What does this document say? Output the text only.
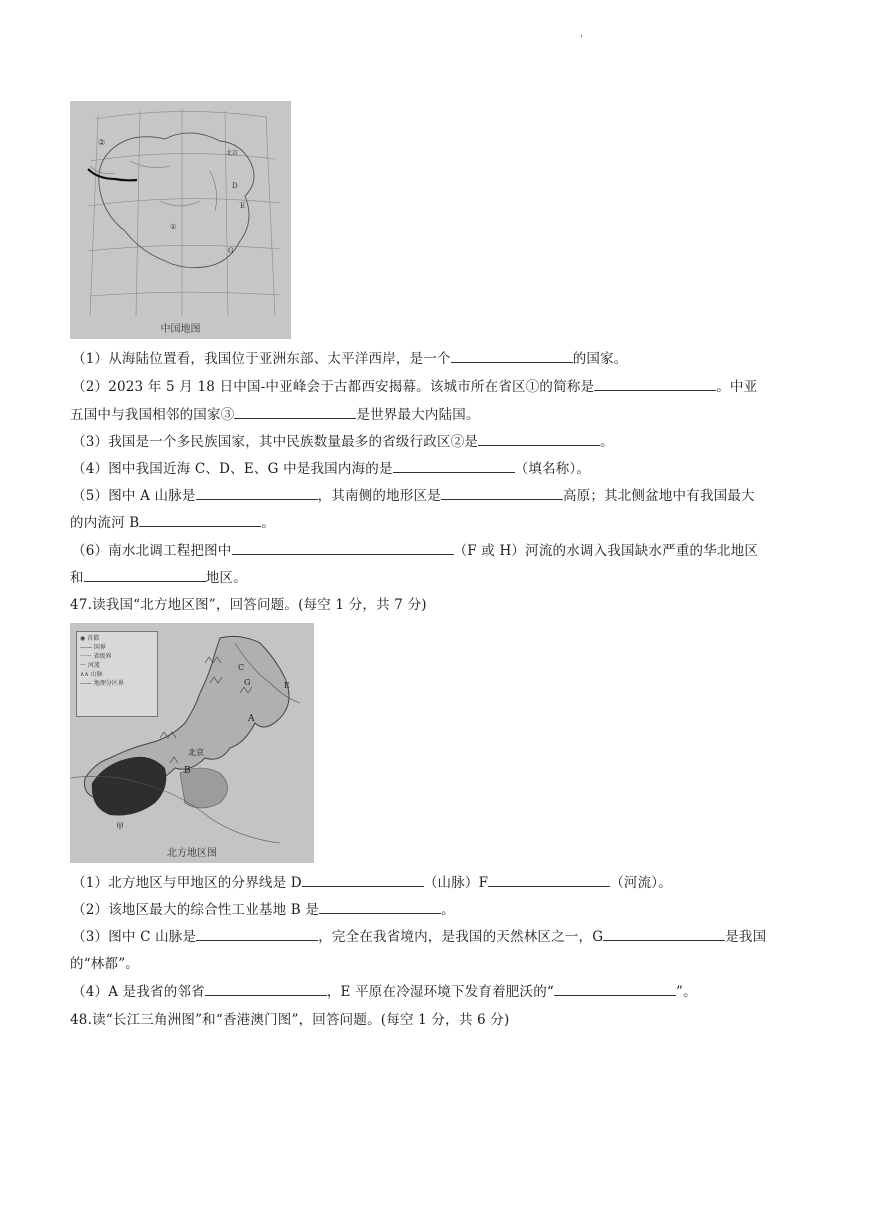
'
②
北京
D
E
G
①
中国地图
（1）从海陆位置看，我国位于亚洲东部、太平洋西岸，是一个	的国家。
（2）2023 年 5 月 18 日中国-中亚峰会于古都西安揭幕。该城市所在省区①的简称是	。中亚
五国中与我国相邻的国家③	是世界最大内陆国。
（3）我国是一个多民族国家，其中民族数量最多的省级行政区②是	。
（4）图中我国近海 C、D、E、G 中是我国内海的是	（填名称）。
（5）图中 A 山脉是	，其南侧的地形区是	高原；其北侧盆地中有我国最大
的内流河 B	。
（6）南水北调工程把图中	（F 或 H）河流的水调入我国缺水严重的华北地区
和	地区。
47.读我国“北方地区图”，回答问题。(每空 1 分，共 7 分)
北京
A
B
C
E
G
甲
◉ 首都
—— 国界
······ 省级界
～ 河流
∧∧ 山脉
—— 地理分区界
北方地区图
（1）北方地区与甲地区的分界线是 D	（山脉）F	（河流）。
（2）该地区最大的综合性工业基地 B 是	。
（3）图中 C 山脉是	，完全在我省境内，是我国的天然林区之一，G	是我国
的“林都”。
（4）A 是我省的邻省	，E 平原在冷湿环境下发育着肥沃的“	”。
48.读“长江三角洲图”和“香港澳门图”，回答问题。(每空 1 分，共 6 分)
